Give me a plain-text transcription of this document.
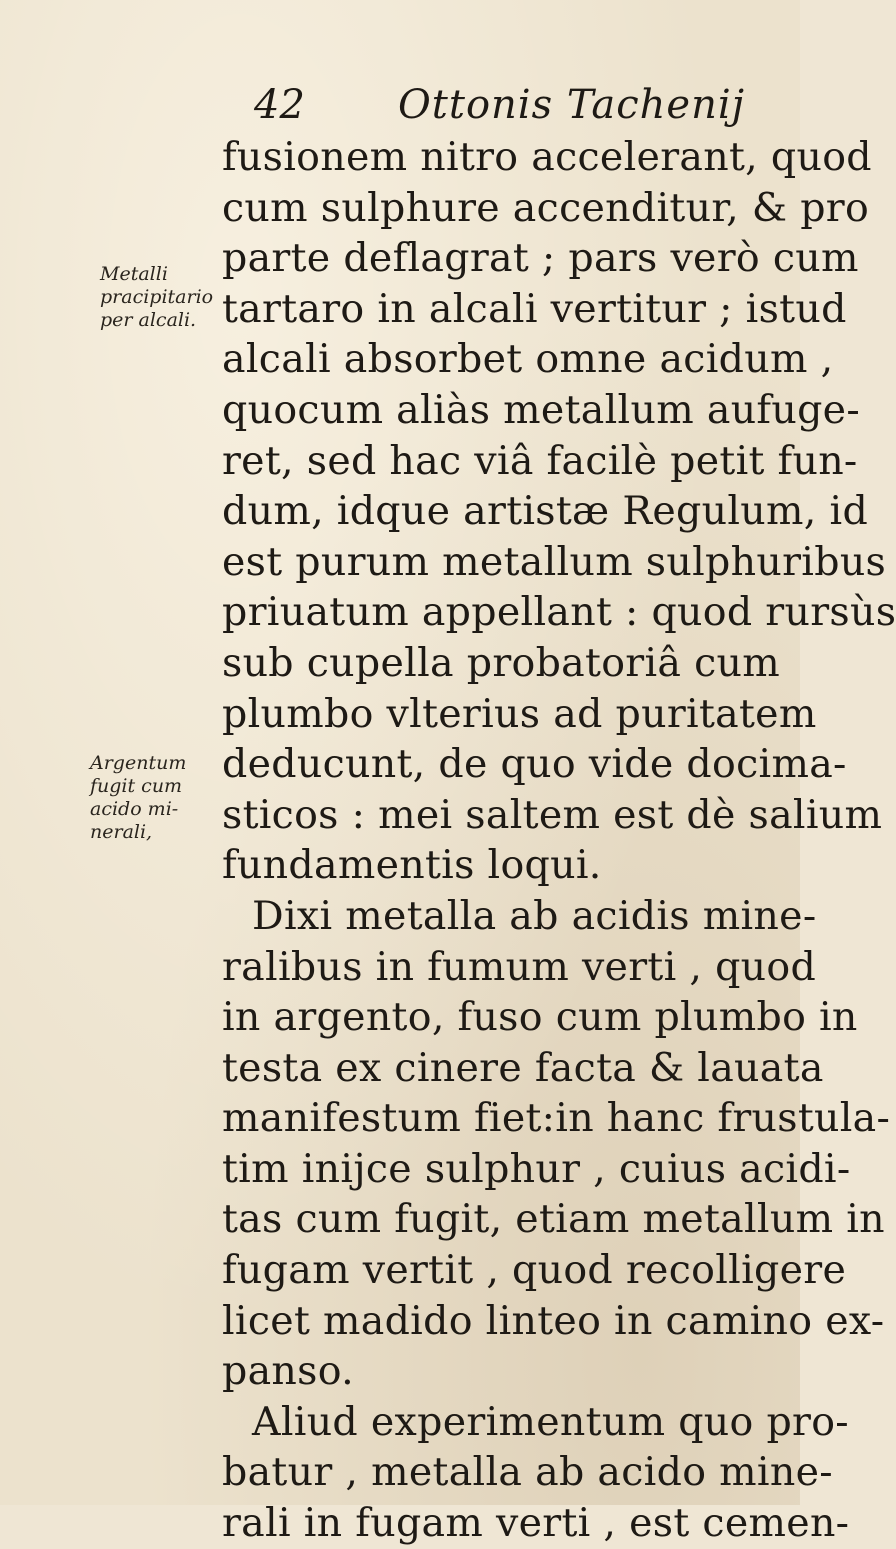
42 Ottonis Tachenij
Metalli
pracipitario
per alcali.
Argentum
fugit cum
acido mi-
nerali,
fusionem nitro accelerant, quod
cum sulphure accenditur, & pro
parte deflagrat ; pars verò cum
tartaro in alcali vertitur ; istud
alcali absorbet omne acidum ,
quocum aliàs metallum aufuge-
ret, sed hac viâ facilè petit fun-
dum, idque artistæ Regulum, id
est purum metallum sulphuribus
priuatum appellant : quod rursùs
sub cupella probatoriâ cum
plumbo vlterius ad puritatem
deducunt, de quo vide docima-
sticos : mei saltem est dè salium
fundamentis loqui.
Dixi metalla ab acidis mine-
ralibus in fumum verti , quod
in argento, fuso cum plumbo in
testa ex cinere facta & lauata
manifestum fiet:in hanc frustula-
tim inijce sulphur , cuius acidi-
tas cum fugit, etiam metallum in
fugam vertit , quod recolligere
licet madido linteo in camino ex-
panso.
Aliud experimentum quo pro-
batur , metalla ab acido mine-
rali in fugam verti , est cemen-
